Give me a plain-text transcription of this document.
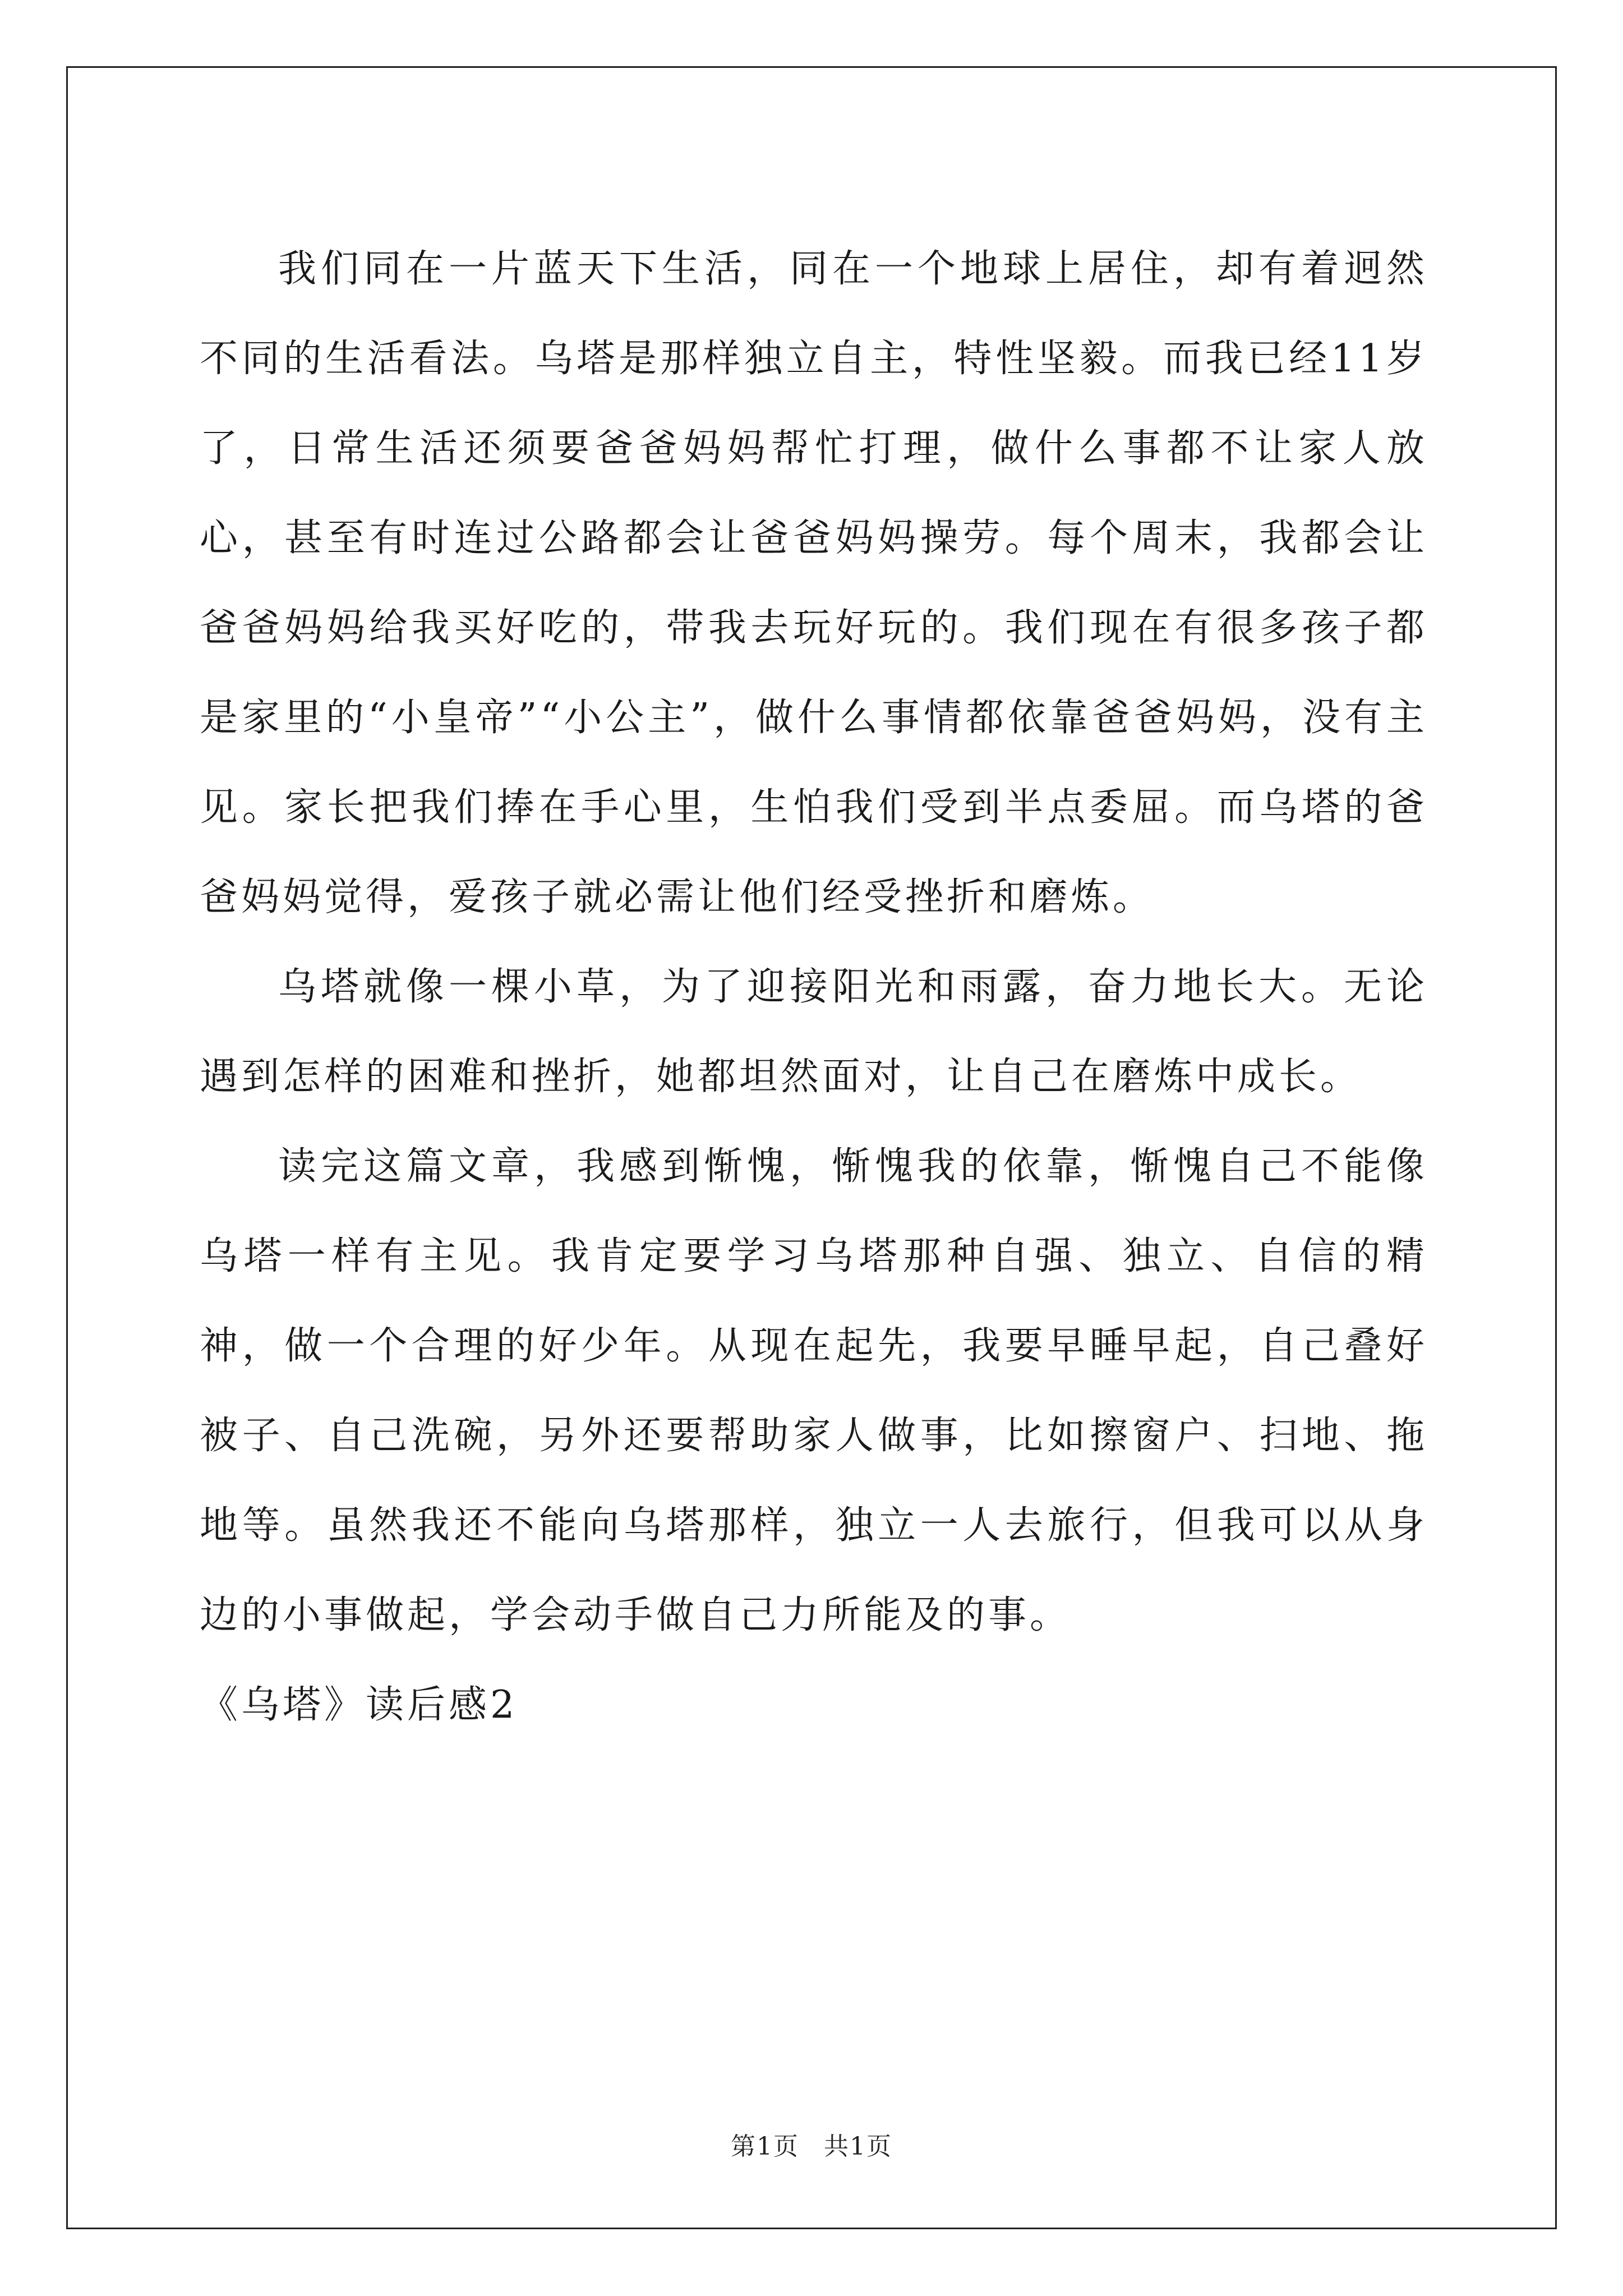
我们同在一片蓝天下生活，同在一个地球上居住，却有着迥然不同的生活看法。乌塔是那样独立自主，特性坚毅。而我已经11岁了，日常生活还须要爸爸妈妈帮忙打理，做什么事都不让家人放心，甚至有时连过公路都会让爸爸妈妈操劳。每个周末，我都会让爸爸妈妈给我买好吃的，带我去玩好玩的。我们现在有很多孩子都是家里的“小皇帝”“小公主”，做什么事情都依靠爸爸妈妈，没有主见。家长把我们捧在手心里，生怕我们受到半点委屈。而乌塔的爸爸妈妈觉得，爱孩子就必需让他们经受挫折和磨炼。

乌塔就像一棵小草，为了迎接阳光和雨露，奋力地长大。无论遇到怎样的困难和挫折，她都坦然面对，让自己在磨炼中成长。

读完这篇文章，我感到惭愧，惭愧我的依靠，惭愧自己不能像乌塔一样有主见。我肯定要学习乌塔那种自强、独立、自信的精神，做一个合理的好少年。从现在起先，我要早睡早起，自己叠好被子、自己洗碗，另外还要帮助家人做事，比如擦窗户、扫地、拖地等。虽然我还不能向乌塔那样，独立一人去旅行，但我可以从身边的小事做起，学会动手做自己力所能及的事。

《乌塔》读后感2

第1页 共1页
